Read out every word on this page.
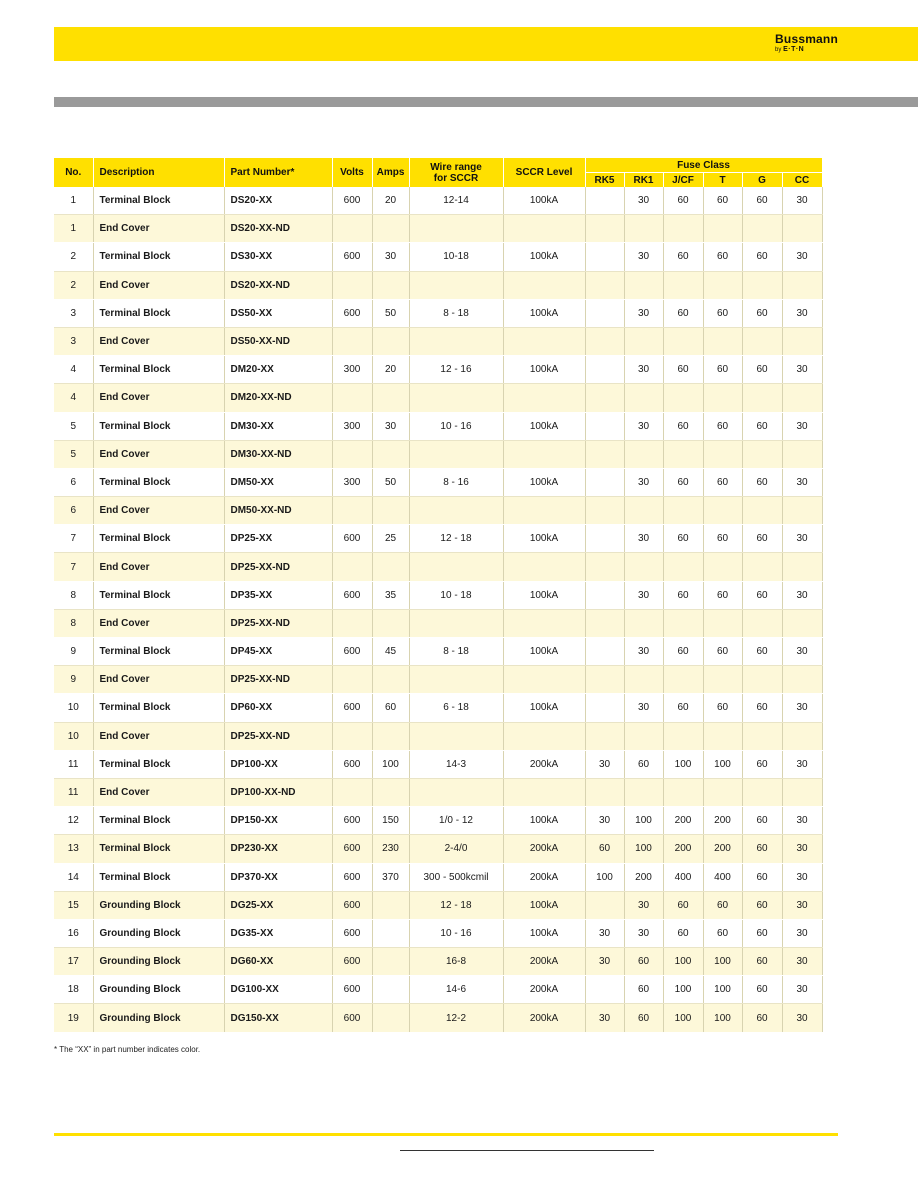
Bussmann
by E·T·N
No.	Description	Part Number*	Volts	Amps	Wire range for SCCR	SCCR Level	Fuse Class					
							RK5	RK1	J/CF	T	G	CC
1	Terminal Block	DS20-XX	600	20	12-14	100kA		30	60	60	60	30
1	End Cover	DS20-XX-ND										
2	Terminal Block	DS30-XX	600	30	10-18	100kA		30	60	60	60	30
2	End Cover	DS20-XX-ND										
3	Terminal Block	DS50-XX	600	50	8 - 18	100kA		30	60	60	60	30
3	End Cover	DS50-XX-ND										
4	Terminal Block	DM20-XX	300	20	12 - 16	100kA		30	60	60	60	30
4	End Cover	DM20-XX-ND										
5	Terminal Block	DM30-XX	300	30	10 - 16	100kA		30	60	60	60	30
5	End Cover	DM30-XX-ND										
6	Terminal Block	DM50-XX	300	50	8 - 16	100kA		30	60	60	60	30
6	End Cover	DM50-XX-ND										
7	Terminal Block	DP25-XX	600	25	12 - 18	100kA		30	60	60	60	30
7	End Cover	DP25-XX-ND										
8	Terminal Block	DP35-XX	600	35	10 - 18	100kA		30	60	60	60	30
8	End Cover	DP25-XX-ND										
9	Terminal Block	DP45-XX	600	45	8 - 18	100kA		30	60	60	60	30
9	End Cover	DP25-XX-ND										
10	Terminal Block	DP60-XX	600	60	6 - 18	100kA		30	60	60	60	30
10	End Cover	DP25-XX-ND										
11	Terminal Block	DP100-XX	600	100	14-3	200kA	30	60	100	100	60	30
11	End Cover	DP100-XX-ND										
12	Terminal Block	DP150-XX	600	150	1/0 - 12	100kA	30	100	200	200	60	30
13	Terminal Block	DP230-XX	600	230	2-4/0	200kA	60	100	200	200	60	30
14	Terminal Block	DP370-XX	600	370	300 - 500kcmil	200kA	100	200	400	400	60	30
15	Grounding Block	DG25-XX	600		12 - 18	100kA		30	60	60	60	30
16	Grounding Block	DG35-XX	600		10 - 16	100kA	30	30	60	60	60	30
17	Grounding Block	DG60-XX	600		16-8	200kA	30	60	100	100	60	30
18	Grounding Block	DG100-XX	600		14-6	200kA		60	100	100	60	30
19	Grounding Block	DG150-XX	600		12-2	200kA	30	60	100	100	60	30
* The “XX” in part number indicates color.
